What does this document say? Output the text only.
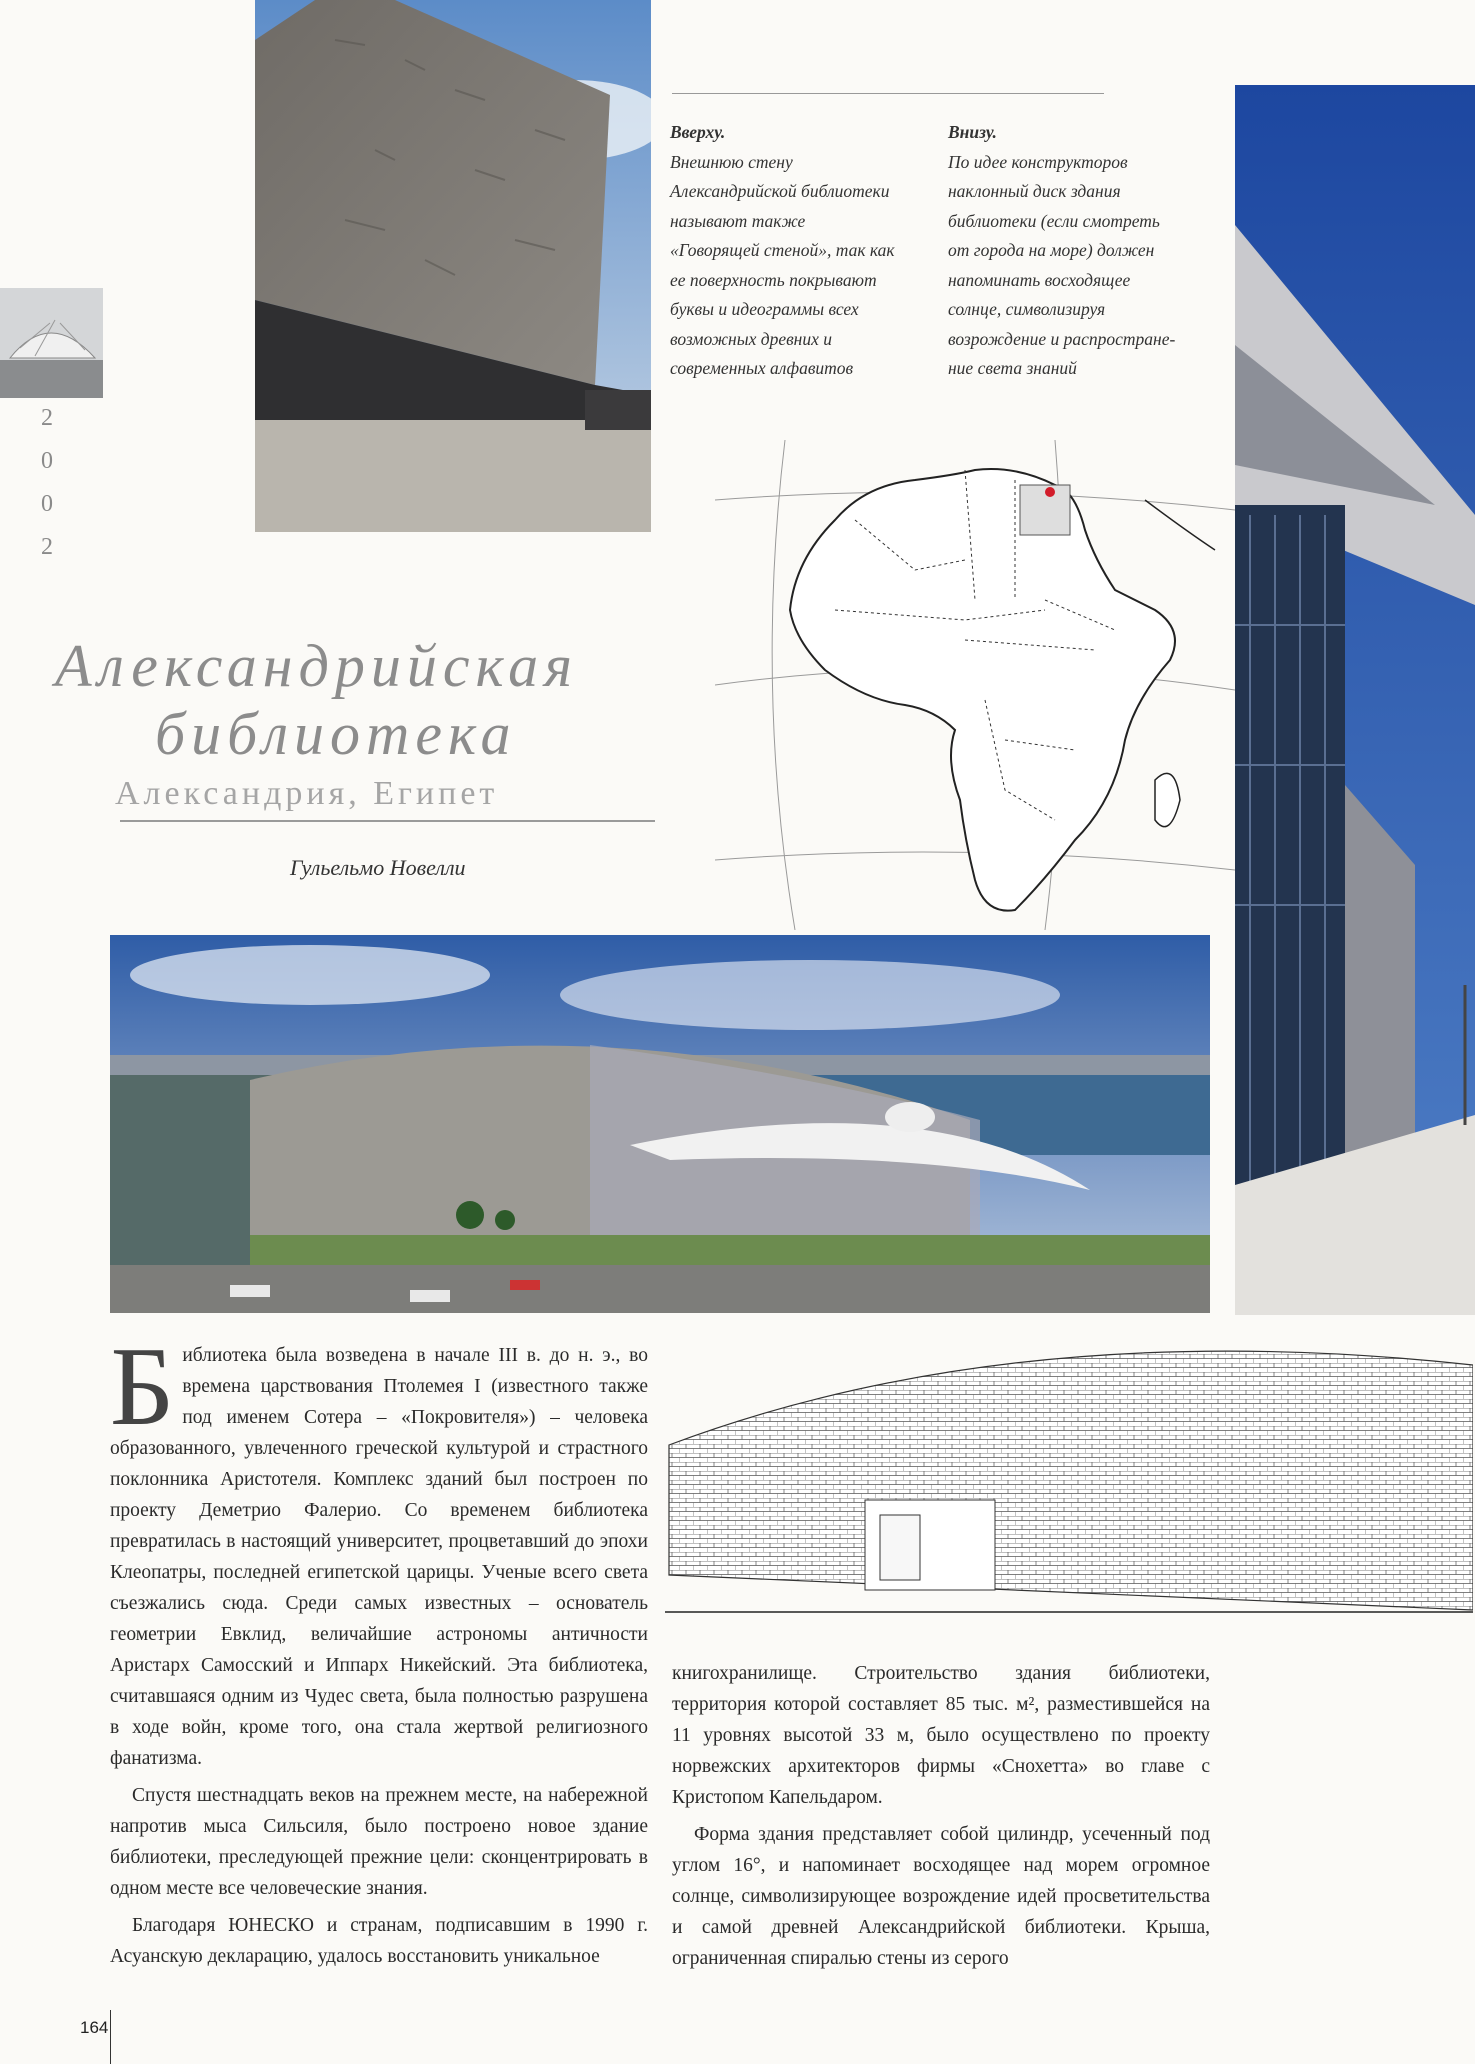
2
0
0
2
Вверху.
Внешнюю стену
Александрийской библиотеки
называют также
«Говорящей стеной», так как
ее поверхность покрывают
буквы и идеограммы всех
возможных древних и
современных алфавитов
Внизу.
По идее конструкторов
наклонный диск здания
библиотеки (если смотреть
от города на море) должен
напоминать восходящее
солнце, символизируя
возрождение и распростране-
ние света знаний
Александрийская
библиотека
Александрия, Египет
Гульельмо Новелли

Библиотека была возведена в начале III в. до н. э., во времена царствования Птолемея I (известного также под именем Сотера – «Покровителя») – человека образованного, увлеченного греческой культурой и страстного поклонника Аристотеля. Комплекс зданий был построен по проекту Деметрио Фалерио. Со временем библиотека превратилась в настоящий университет, процветавший до эпохи Клеопатры, последней египетской царицы. Ученые всего света съезжались сюда. Среди самых известных – основатель геометрии Евклид, величайшие астрономы античности Аристарх Самосский и Иппарх Никейский. Эта библиотека, считавшаяся одним из Чудес света, была полностью разрушена в ходе войн, кроме того, она стала жертвой религиозного фанатизма.

Спустя шестнадцать веков на прежнем месте, на набережной напротив мыса Сильсиля, было построено новое здание библиотеки, преследующей прежние цели: сконцентрировать в одном месте все человеческие знания.

Благодаря ЮНЕСКО и странам, подписавшим в 1990 г. Асуанскую декларацию, удалось восстановить уникальное

книгохранилище. Строительство здания библиотеки, территория которой составляет 85 тыс. м², разместившейся на 11 уровнях высотой 33 м, было осуществлено по проекту норвежских архитекторов фирмы «Снохетта» во главе с Кристопом Капельдаром.

Форма здания представляет собой цилиндр, усеченный под углом 16°, и напоминает восходящее над морем огромное солнце, символизирующее возрождение идей просветительства и самой древней Александрийской библиотеки. Крыша, ограниченная спиралью стены из серого

164
